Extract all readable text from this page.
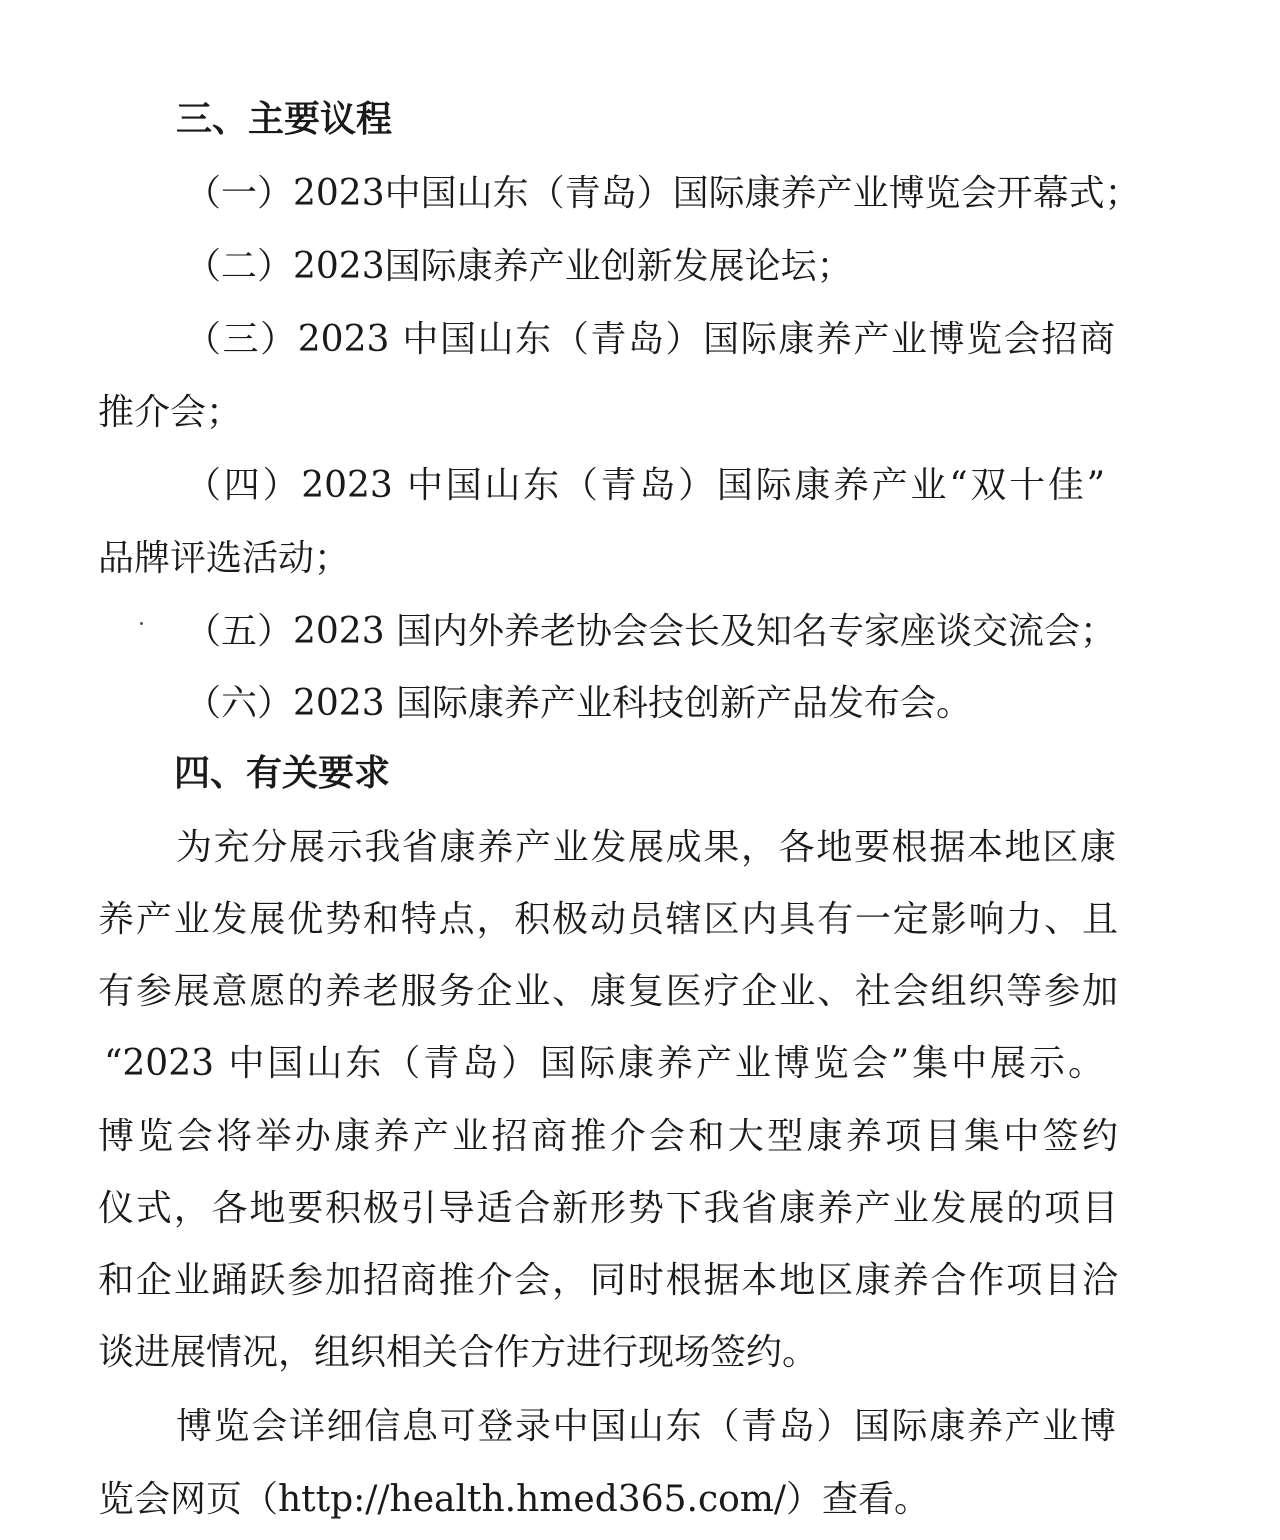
三、主要议程
（一）2023中国山东（青岛）国际康养产业博览会开幕式；
（二）2023国际康养产业创新发展论坛；
（三）2023 中国山东（青岛）国际康养产业博览会招商
推介会；
（四）2023 中国山东（青岛）国际康养产业“双十佳”
品牌评选活动；
（五）2023 国内外养老协会会长及知名专家座谈交流会；
（六）2023 国际康养产业科技创新产品发布会。
四、有关要求
为充分展示我省康养产业发展成果，各地要根据本地区康
养产业发展优势和特点，积极动员辖区内具有一定影响力、且
有参展意愿的养老服务企业、康复医疗企业、社会组织等参加
“2023 中国山东（青岛）国际康养产业博览会”集中展示。
博览会将举办康养产业招商推介会和大型康养项目集中签约
仪式，各地要积极引导适合新形势下我省康养产业发展的项目
和企业踊跃参加招商推介会，同时根据本地区康养合作项目洽
谈进展情况，组织相关合作方进行现场签约。
博览会详细信息可登录中国山东（青岛）国际康养产业博
览会网页（http://health.hmed365.com/）查看。
